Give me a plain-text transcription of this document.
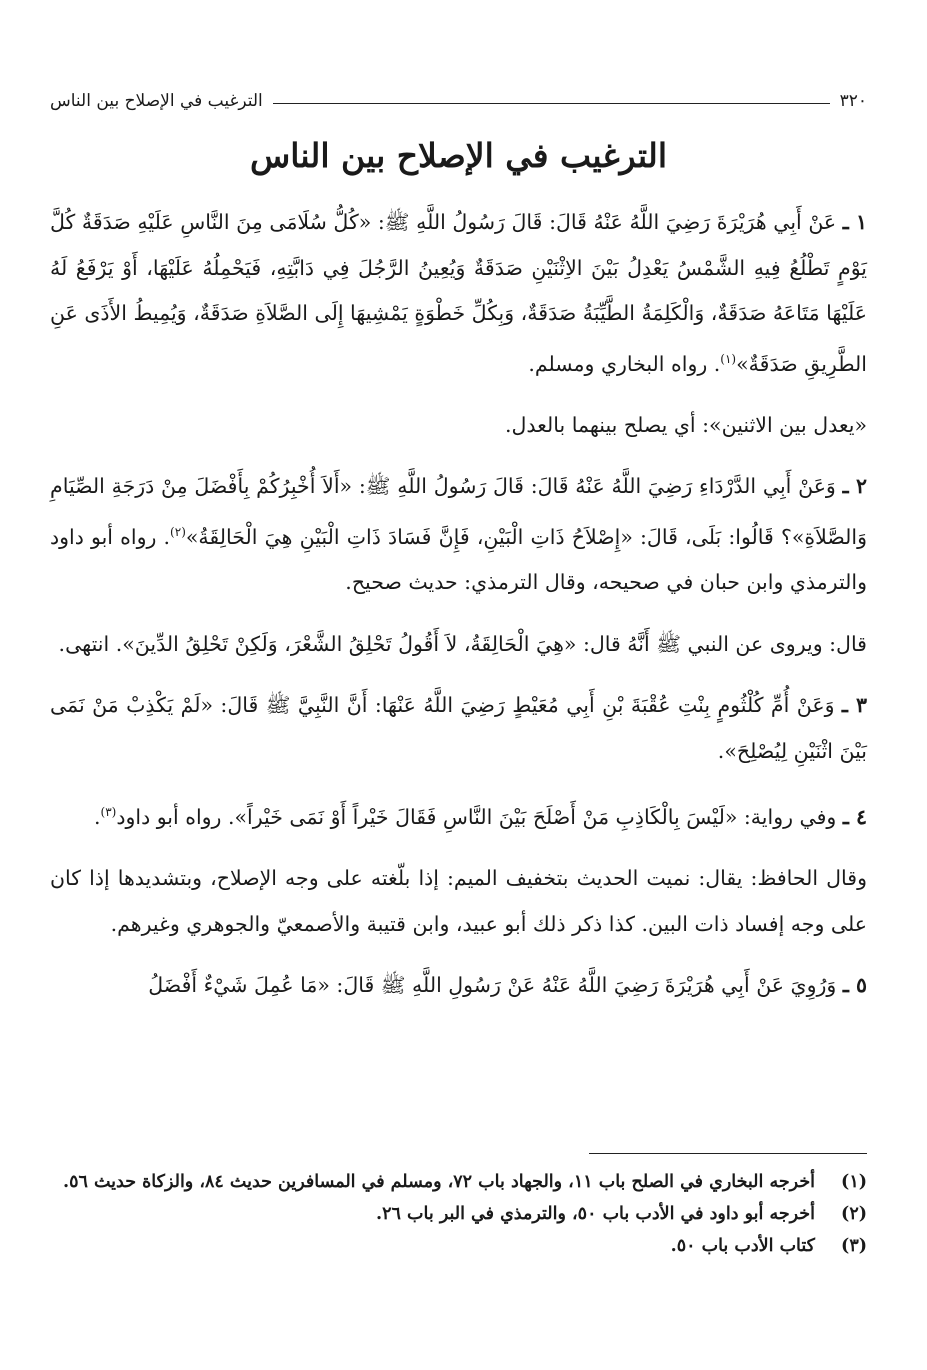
٣٢٠
الترغيب في الإصلاح بين الناس
الترغيب في الإصلاح بين الناس

١ ـ عَنْ أَبِي هُرَيْرَةَ رَضِيَ اللَّهُ عَنْهُ قَالَ: قَالَ رَسُولُ اللَّهِ ﷺ: «كُلُّ سُلَامَى مِنَ النَّاسِ عَلَيْهِ صَدَقَةٌ كُلَّ يَوْمٍ تَطْلُعُ فِيهِ الشَّمْسُ يَعْدِلُ بَيْنَ الاِثْنَيْنِ صَدَقَةٌ وَيُعِينُ الرَّجُلَ فِي دَابَّتِهِ، فَيَحْمِلُهُ عَلَيْهَا، أَوْ يَرْفَعُ لَهُ عَلَيْهَا مَتَاعَهُ صَدَقَةٌ، وَالْكَلِمَةُ الطَّيِّبَةُ صَدَقَةٌ، وَبِكُلِّ خَطْوَةٍ يَمْشِيهَا إِلَى الصَّلاَةِ صَدَقَةٌ، وَيُمِيطُ الأَذَى عَنِ الطَّرِيقِ صَدَقَةٌ»$^{(١)}$. رواه البخاري ومسلم.

«يعدل بين الاثنين»: أي يصلح بينهما بالعدل.

٢ ـ وَعَنْ أَبِي الدَّرْدَاءِ رَضِيَ اللَّهُ عَنْهُ قَالَ: قَالَ رَسُولُ اللَّهِ ﷺ: «أَلاَ أُخْبِرُكُمْ بِأَفْضَلَ مِنْ دَرَجَةِ الصِّيَامِ وَالصَّلاَةِ»؟ قَالُوا: بَلَى، قَالَ: «إِصْلاَحُ ذَاتِ الْبَيْنِ، فَإِنَّ فَسَادَ ذَاتِ الْبَيْنِ هِيَ الْحَالِقَةُ»$^{(٢)}$. رواه أبو داود والترمذي وابن حبان في صحيحه، وقال الترمذي: حديث صحيح.

قال: ويروى عن النبي ﷺ أَنَّهُ قال: «هِيَ الْحَالِقَةُ، لاَ أَقُولُ تَحْلِقُ الشَّعْرَ، وَلَكِنْ تَحْلِقُ الدِّينَ». انتهى.

٣ ـ وَعَنْ أُمِّ كُلْثُومٍ بِنْتِ عُقْبَةَ بْنِ أَبِي مُعَيْطٍ رَضِيَ اللَّهُ عَنْهَا: أَنَّ النَّبِيَّ ﷺ قَالَ: «لَمْ يَكْذِبْ مَنْ نَمَى بَيْنَ اثْنَيْنِ لِيُصْلِحَ».

٤ ـ وفي رواية: «لَيْسَ بِالْكَاذِبِ مَنْ أَصْلَحَ بَيْنَ النَّاسِ فَقَالَ خَيْراً أَوْ نَمَى خَيْراً». رواه أبو داود$^{(٣)}$.

وقال الحافظ: يقال: نميت الحديث بتخفيف الميم: إذا بلّغته على وجه الإصلاح، وبتشديدها إذا كان على وجه إفساد ذات البين. كذا ذكر ذلك أبو عبيد، وابن قتيبة والأصمعيّ والجوهري وغيرهم.

٥ ـ وَرُوِيَ عَنْ أَبِي هُرَيْرَةَ رَضِيَ اللَّهُ عَنْهُ عَنْ رَسُولِ اللَّهِ ﷺ قَالَ: «مَا عُمِلَ شَيْءٌ أَفْضَلُ

(١)
أخرجه البخاري في الصلح باب ١١، والجهاد باب ٧٢، ومسلم في المسافرين حديث ٨٤، والزكاة حديث ٥٦.
(٢)
أخرجه أبو داود في الأدب باب ٥٠، والترمذي في البر باب ٢٦.
(٣)
كتاب الأدب باب ٥٠.
